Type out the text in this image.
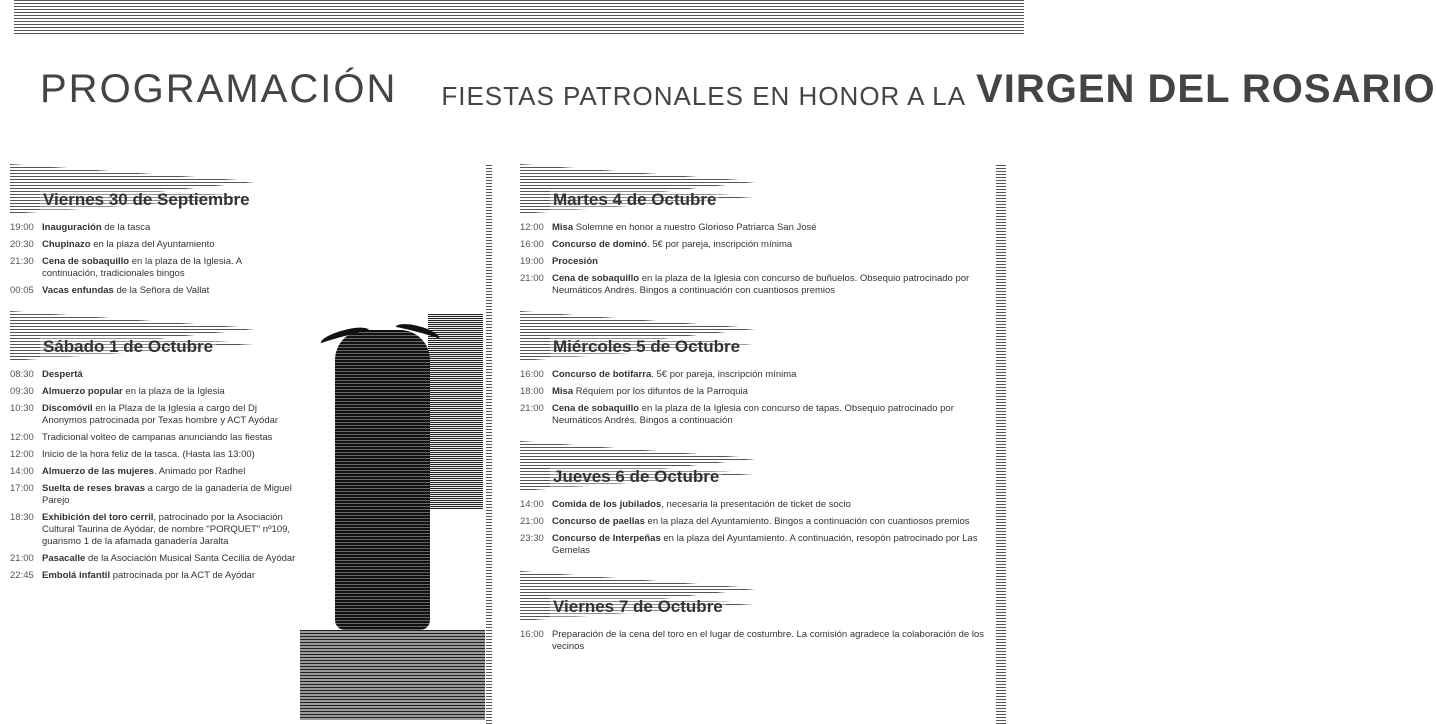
PROGRAMACIÓN FIESTAS PATRONALES EN HONOR A LA VIRGEN DEL ROSARIO
Viernes 30 de Septiembre
19:00 Inauguración de la tasca
20:30 Chupinazo en la plaza del Ayuntamiento
21:30 Cena de sobaquillo en la plaza de la Iglesia. A continuación, tradicionales bingos
00:05 Vacas enfundas de la Señora de Vallat
Sábado 1 de Octubre
08:30 Despertá
09:30 Almuerzo popular en la plaza de la Iglesia
10:30 Discomóvil en la Plaza de la Iglesia a cargo del Dj Anonymos patrocinada por Texas hombre y ACT Ayódar
12:00 Tradicional volteo de campanas anunciando las fiestas
12:00 Inicio de la hora feliz de la tasca. (Hasta las 13:00)
14:00 Almuerzo de las mujeres. Animado por Radhel
17:00 Suelta de reses bravas a cargo de la ganadería de Miguel Parejo
18:30 Exhibición del toro cerril, patrocinado por la Asociación Cultural Taurina de Ayódar, de nombre "PORQUET" nº109, guarismo 1 de la afamada ganadería Jaralta
21:00 Pasacalle de la Asociación Musical Santa Cecilia de Ayódar
22:45 Embolá infantil patrocinada por la ACT de Ayódar
Martes 4 de Octubre
12:00 Misa Solemne en honor a nuestro Glorioso Patriarca San José
16:00 Concurso de dominó. 5€ por pareja, inscripción mínima
19:00 Procesión
21:00 Cena de sobaquillo en la plaza de la Iglesia con concurso de buñuelos. Obsequio patrocinado por Neumáticos Andrés. Bingos a continuación con cuantiosos premios
Miércoles 5 de Octubre
16:00 Concurso de botifarra. 5€ por pareja, inscripción mínima
18:00 Misa Réquiem por los difuntos de la Parroquia
21:00 Cena de sobaquillo en la plaza de la Iglesia con concurso de tapas. Obsequio patrocinado por Neumáticos Andrés. Bingos a continuación
Jueves 6 de Octubre
14:00 Comida de los jubilados, necesaria la presentación de ticket de socio
21:00 Concurso de paellas en la plaza del Ayuntamiento. Bingos a continuación con cuantiosos premios
23:30 Concurso de Interpeñas en la plaza del Ayuntamiento. A continuación, resopón patrocinado por Las Gemelas
Viernes 7 de Octubre
16:00 Preparación de la cena del toro en el lugar de costumbre. La comisión agradece la colaboración de los vecinos
